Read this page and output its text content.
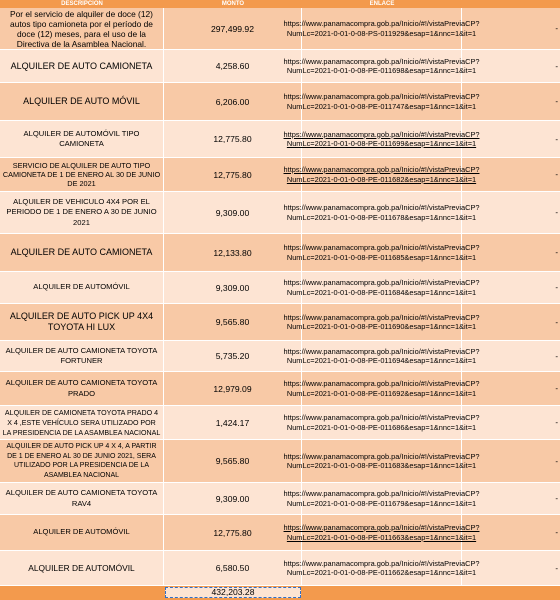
DESCRIPCION	MONTO	ENLACE
Por el servicio de alquiler de doce (12) autos tipo camioneta por el período de doce (12) meses, para el uso de la Directiva de la Asamblea Nacional.
297,499.92	https://www.panamacompra.gob.pa/Inicio/#!/vistaPreviaCP?NumLc=2021-0-01-0-08-PS-011929&esap=1&nnc=1&it=1	-
ALQUILER DE AUTO CAMIONETA	4,258.60	https://www.panamacompra.gob.pa/Inicio/#!/vistaPreviaCP?NumLc=2021-0-01-0-08-PE-011698&esap=1&nnc=1&it=1	-
ALQUILER DE AUTO MÓVIL	6,206.00	https://www.panamacompra.gob.pa/Inicio/#!/vistaPreviaCP?NumLc=2021-0-01-0-08-PE-011747&esap=1&nnc=1&it=1	-
ALQUILER DE AUTOMÓVIL TIPO CAMIONETA	12,775.80	https://www.panamacompra.gob.pa/Inicio/#!/vistaPreviaCP?NumLc=2021-0-01-0-08-PE-011699&esap=1&nnc=1&it=1	-
SERVICIO DE ALQUILER DE AUTO TIPO CAMIONETA DE 1 DE ENERO AL 30 DE JUNIO DE 2021
12,775.80	https://www.panamacompra.gob.pa/Inicio/#!/vistaPreviaCP?NumLc=2021-0-01-0-08-PE-011682&esap=1&nnc=1&it=1	-
ALQUILER DE VEHICULO 4X4 POR EL PERIODO DE 1 DE ENERO A 30 DE JUNIO 2021
9,309.00	https://www.panamacompra.gob.pa/Inicio/#!/vistaPreviaCP?NumLc=2021-0-01-0-08-PE-011678&esap=1&nnc=1&it=1	-
ALQUILER DE AUTO CAMIONETA	12,133.80	https://www.panamacompra.gob.pa/Inicio/#!/vistaPreviaCP?NumLc=2021-0-01-0-08-PE-011685&esap=1&nnc=1&it=1	-
ALQUILER DE AUTOMÓVIL	9,309.00	https://www.panamacompra.gob.pa/Inicio/#!/vistaPreviaCP?NumLc=2021-0-01-0-08-PE-011684&esap=1&nnc=1&it=1	-
ALQUILER DE AUTO PICK UP 4X4 TOYOTA HI LUX	9,565.80	https://www.panamacompra.gob.pa/Inicio/#!/vistaPreviaCP?NumLc=2021-0-01-0-08-PE-011690&esap=1&nnc=1&it=1	-
ALQUILER DE AUTO CAMIONETA TOYOTA FORTUNER	5,735.20	https://www.panamacompra.gob.pa/Inicio/#!/vistaPreviaCP?NumLc=2021-0-01-0-08-PE-011694&esap=1&nnc=1&it=1	-
ALQUILER DE AUTO CAMIONETA TOYOTA PRADO	12,979.09	https://www.panamacompra.gob.pa/Inicio/#!/vistaPreviaCP?NumLc=2021-0-01-0-08-PE-011692&esap=1&nnc=1&it=1	-
ALQUILER DE CAMIONETA TOYOTA PRADO 4 X 4 ,ESTE VEHÍCULO SERA UTILIZADO POR LA PRESIDENCIA DE LA ASAMBLEA NACIONAL
1,424.17	https://www.panamacompra.gob.pa/Inicio/#!/vistaPreviaCP?NumLc=2021-0-01-0-08-PE-011686&esap=1&nnc=1&it=1	-
ALQUILER DE AUTO PICK UP 4 X 4, A PARTIR DE 1 DE ENERO AL 30 DE JUNIO 2021, SERA UTILIZADO POR LA PRESIDENCIA DE LA ASAMBLEA NACIONAL
9,565.80	https://www.panamacompra.gob.pa/Inicio/#!/vistaPreviaCP?NumLc=2021-0-01-0-08-PE-011683&esap=1&nnc=1&it=1	-
ALQUILER DE AUTO CAMIONETA TOYOTA RAV4	9,309.00	https://www.panamacompra.gob.pa/Inicio/#!/vistaPreviaCP?NumLc=2021-0-01-0-08-PE-011679&esap=1&nnc=1&it=1	-
ALQUILER DE AUTOMÓVIL	12,775.80	https://www.panamacompra.gob.pa/Inicio/#!/vistaPreviaCP?NumLc=2021-0-01-0-08-PE-011663&esap=1&nnc=1&it=1	-
ALQUILER DE AUTOMÓVIL	6,580.50	https://www.panamacompra.gob.pa/Inicio/#!/vistaPreviaCP?NumLc=2021-0-01-0-08-PE-011662&esap=1&nnc=1&it=1	-
432,203.28
